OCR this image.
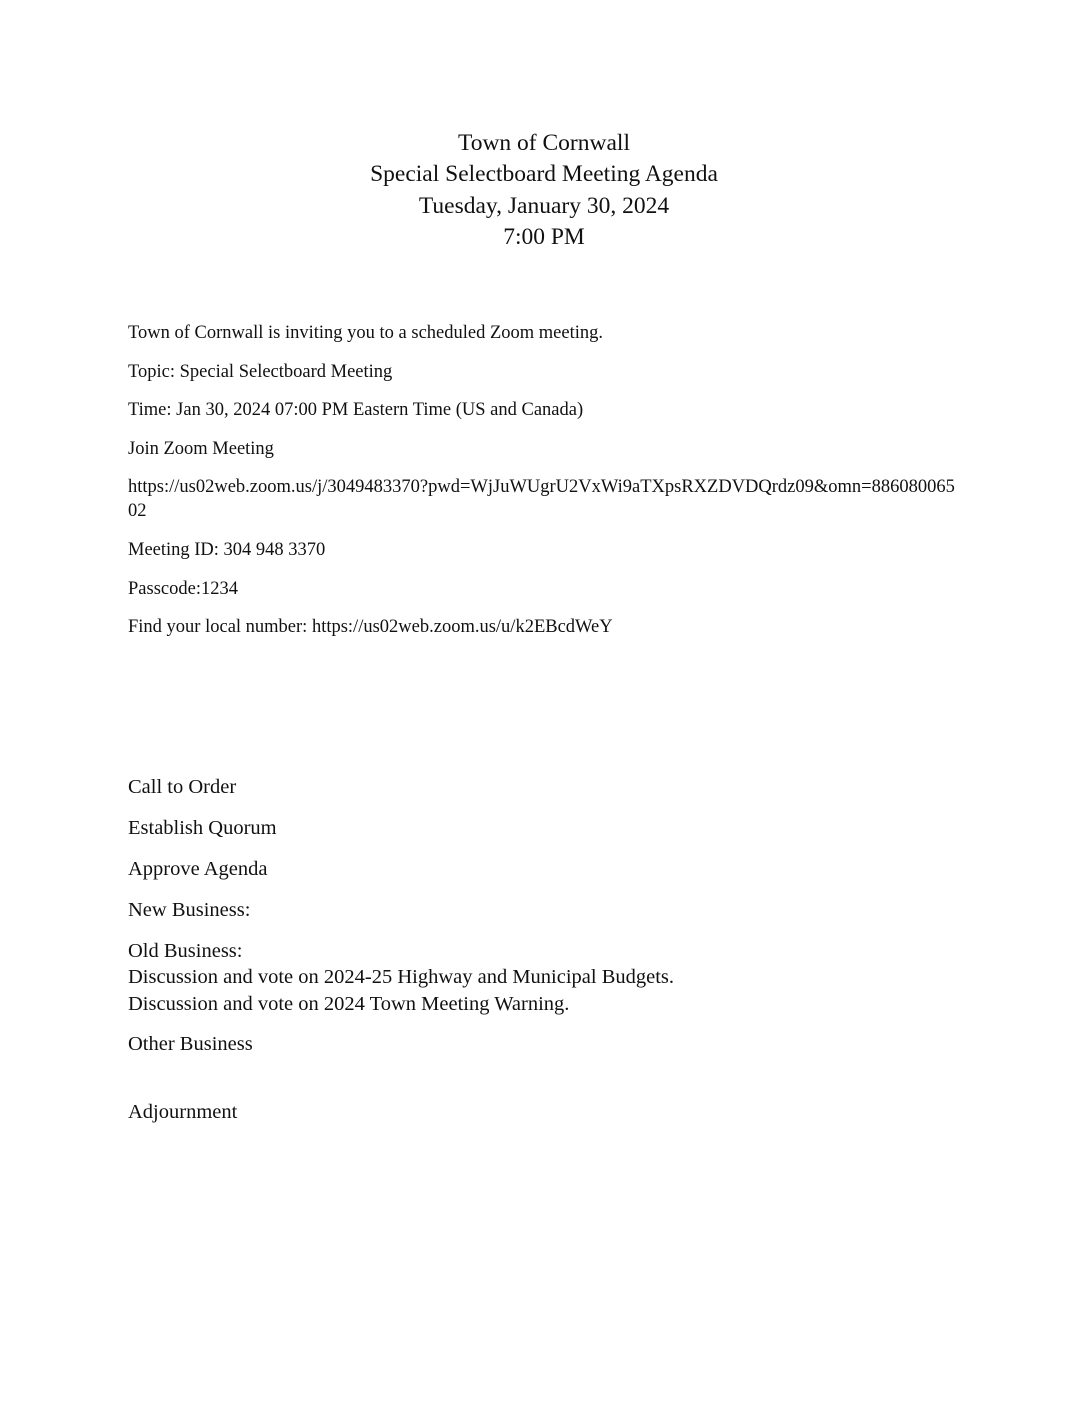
Town of Cornwall
Special Selectboard Meeting Agenda
Tuesday, January 30, 2024
7:00 PM

Town of Cornwall is inviting you to a scheduled Zoom meeting.

Topic: Special Selectboard Meeting

Time: Jan 30, 2024 07:00 PM Eastern Time (US and Canada)

Join Zoom Meeting

https://us02web.zoom.us/j/3049483370?pwd=WjJuWUgrU2VxWi9aTXpsRXZDVDQrdz09&omn=88608006502

Meeting ID: 304 948 3370

Passcode:1234

Find your local number: https://us02web.zoom.us/u/k2EBcdWeY

Call to Order
Establish Quorum
Approve Agenda
New Business:
Old Business:
Discussion and vote on 2024-25 Highway and Municipal Budgets.
Discussion and vote on 2024 Town Meeting Warning.
Other Business
Adjournment
